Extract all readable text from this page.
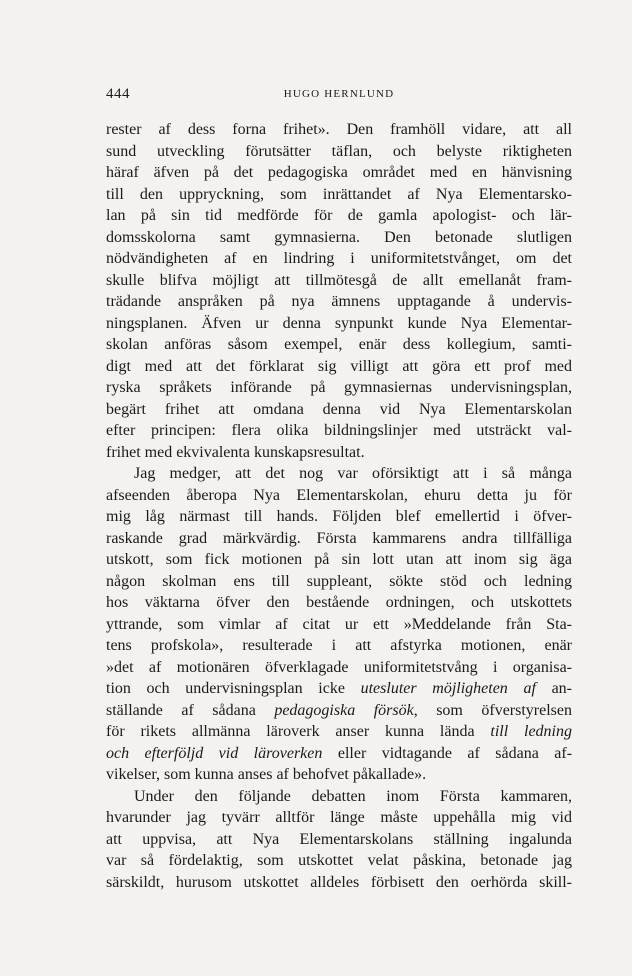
444	HUGO HERNLUND
rester af dess forna frihet». Den framhöll vidare, att all
sund utveckling förutsätter täflan, och belyste riktigheten
häraf äfven på det pedagogiska området med en hänvisning
till den uppryckning, som inrättandet af Nya Elementarsko-
lan på sin tid medförde för de gamla apologist- och lär-
domsskolorna samt gymnasierna. Den betonade slutligen
nödvändigheten af en lindring i uniformitetstvånget, om det
skulle blifva möjligt att tillmötesgå de allt emellanåt fram-
trädande anspråken på nya ämnens upptagande å undervis-
ningsplanen. Äfven ur denna synpunkt kunde Nya Elementar-
skolan anföras såsom exempel, enär dess kollegium, samti-
digt med att det förklarat sig villigt att göra ett prof med
ryska språkets införande på gymnasiernas undervisningsplan,
begärt frihet att omdana denna vid Nya Elementarskolan
efter principen: flera olika bildningslinjer med utsträckt val-
frihet med ekvivalenta kunskapsresultat.
Jag medger, att det nog var oförsiktigt att i så många
afseenden åberopa Nya Elementarskolan, ehuru detta ju för
mig låg närmast till hands. Följden blef emellertid i öfver-
raskande grad märkvärdig. Första kammarens andra tillfälliga
utskott, som fick motionen på sin lott utan att inom sig äga
någon skolman ens till suppleant, sökte stöd och ledning
hos väktarna öfver den bestående ordningen, och utskottets
yttrande, som vimlar af citat ur ett »Meddelande från Sta-
tens profskola», resulterade i att afstyrka motionen, enär
»det af motionären öfverklagade uniformitetstvång i organisa-
tion och undervisningsplan icke utesluter möjligheten af an-
ställande af sådana pedagogiska försök, som öfverstyrelsen
för rikets allmänna läroverk anser kunna lända till ledning
och efterföljd vid läroverken eller vidtagande af sådana af-
vikelser, som kunna anses af behofvet påkallade».
Under den följande debatten inom Första kammaren,
hvarunder jag tyvärr alltför länge måste uppehålla mig vid
att uppvisa, att Nya Elementarskolans ställning ingalunda
var så fördelaktig, som utskottet velat påskina, betonade jag
särskildt, hurusom utskottet alldeles förbisett den oerhörda skill-
